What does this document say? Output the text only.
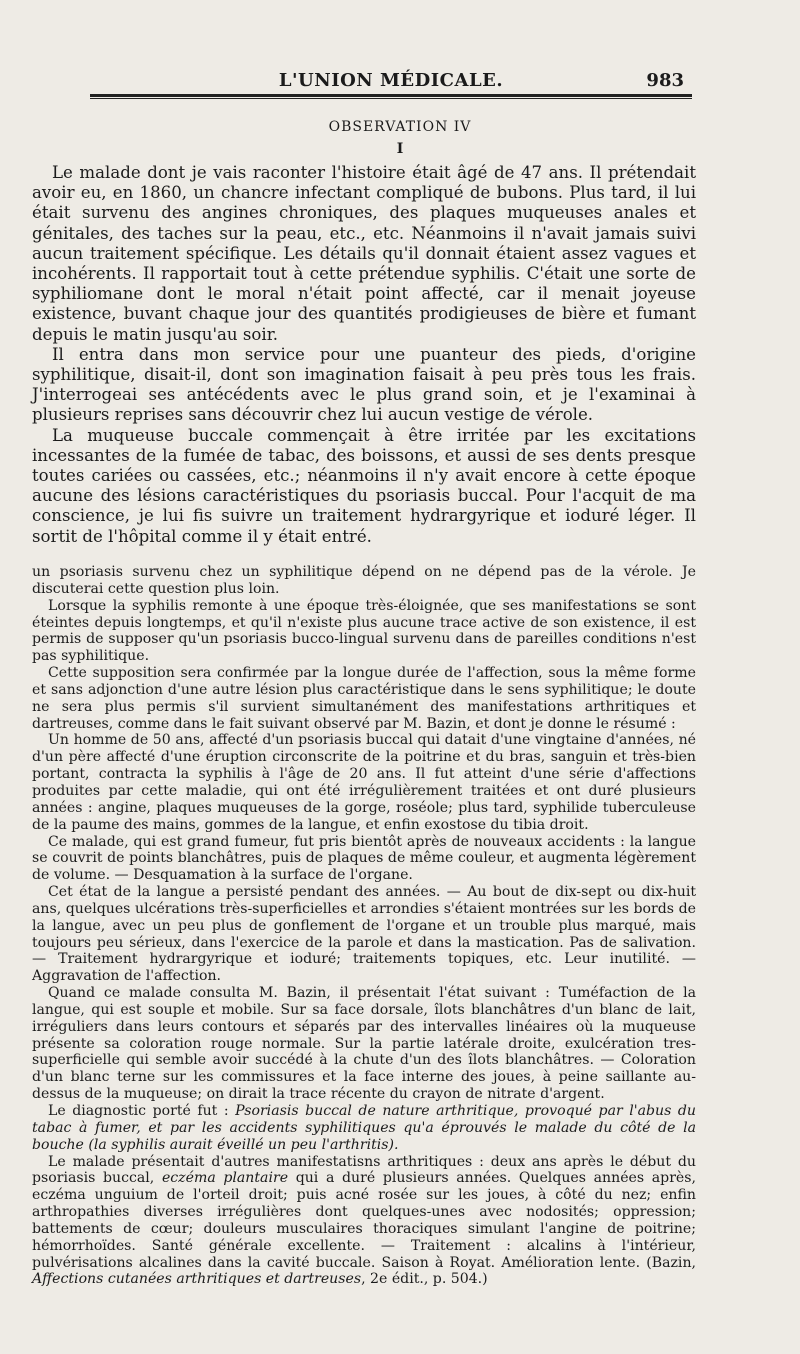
L'UNION MÉDICALE.	983
OBSERVATION IV
I

Le malade dont je vais raconter l'histoire était âgé de 47 ans. Il prétendait avoir eu, en 1860, un chancre infectant compliqué de bubons. Plus tard, il lui était survenu des angines chroniques, des plaques muqueuses anales et génitales, des taches sur la peau, etc., etc. Néanmoins il n'avait jamais suivi aucun traitement spécifique. Les détails qu'il donnait étaient assez vagues et incohérents. Il rapportait tout à cette prétendue syphilis. C'était une sorte de syphiliomane dont le moral n'était point affecté, car il menait joyeuse existence, buvant chaque jour des quantités prodigieuses de bière et fumant depuis le matin jusqu'au soir.

Il entra dans mon service pour une puanteur des pieds, d'origine syphilitique, disait-il, dont son imagination faisait à peu près tous les frais. J'interrogeai ses antécédents avec le plus grand soin, et je l'examinai à plusieurs reprises sans découvrir chez lui aucun vestige de vérole.

La muqueuse buccale commençait à être irritée par les excitations incessantes de la fumée de tabac, des boissons, et aussi de ses dents presque toutes cariées ou cassées, etc.; néanmoins il n'y avait encore à cette époque aucune des lésions caractéristiques du psoriasis buccal. Pour l'acquit de ma conscience, je lui fis suivre un traitement hydrargyrique et ioduré léger. Il sortit de l'hôpital comme il y était entré.

un psoriasis survenu chez un syphilitique dépend on ne dépend pas de la vérole. Je discuterai cette question plus loin.

Lorsque la syphilis remonte à une époque très-éloignée, que ses manifestations se sont éteintes depuis longtemps, et qu'il n'existe plus aucune trace active de son existence, il est permis de supposer qu'un psoriasis bucco-lingual survenu dans de pareilles conditions n'est pas syphilitique.

Cette supposition sera confirmée par la longue durée de l'affection, sous la même forme et sans adjonction d'une autre lésion plus caractéristique dans le sens syphilitique; le doute ne sera plus permis s'il survient simultanément des manifestations arthritiques et dartreuses, comme dans le fait suivant observé par M. Bazin, et dont je donne le résumé :

Un homme de 50 ans, affecté d'un psoriasis buccal qui datait d'une vingtaine d'années, né d'un père affecté d'une éruption circonscrite de la poitrine et du bras, sanguin et très-bien portant, contracta la syphilis à l'âge de 20 ans. Il fut atteint d'une série d'affections produites par cette maladie, qui ont été irrégulièrement traitées et ont duré plusieurs années : angine, plaques muqueuses de la gorge, roséole; plus tard, syphilide tuberculeuse de la paume des mains, gommes de la langue, et enfin exostose du tibia droit.

Ce malade, qui est grand fumeur, fut pris bientôt après de nouveaux accidents : la langue se couvrit de points blanchâtres, puis de plaques de même couleur, et augmenta légèrement de volume. — Desquamation à la surface de l'organe.

Cet état de la langue a persisté pendant des années. — Au bout de dix-sept ou dix-huit ans, quelques ulcérations très-superficielles et arrondies s'étaient montrées sur les bords de la langue, avec un peu plus de gonflement de l'organe et un trouble plus marqué, mais toujours peu sérieux, dans l'exercice de la parole et dans la mastication. Pas de salivation. — Traitement hydrargyrique et ioduré; traitements topiques, etc. Leur inutilité. — Aggravation de l'affection.

Quand ce malade consulta M. Bazin, il présentait l'état suivant : Tuméfaction de la langue, qui est souple et mobile. Sur sa face dorsale, îlots blanchâtres d'un blanc de lait, irréguliers dans leurs contours et séparés par des intervalles linéaires où la muqueuse présente sa coloration rouge normale. Sur la partie latérale droite, exulcération tres-superficielle qui semble avoir succédé à la chute d'un des îlots blanchâtres. — Coloration d'un blanc terne sur les commissures et la face interne des joues, à peine saillante au-dessus de la muqueuse; on dirait la trace récente du crayon de nitrate d'argent.

Le diagnostic porté fut : Psoriasis buccal de nature arthritique, provoqué par l'abus du tabac à fumer, et par les accidents syphilitiques qu'a éprouvés le malade du côté de la bouche (la syphilis aurait éveillé un peu l'arthritis).

Le malade présentait d'autres manifestatisns arthritiques : deux ans après le début du psoriasis buccal, eczéma plantaire qui a duré plusieurs années. Quelques années après, eczéma unguium de l'orteil droit; puis acné rosée sur les joues, à côté du nez; enfin arthropathies diverses irrégulières dont quelques-unes avec nodosités; oppression; battements de cœur; douleurs musculaires thoraciques simulant l'angine de poitrine; hémorrhoïdes. Santé générale excellente. — Traitement : alcalins à l'intérieur, pulvérisations alcalines dans la cavité buccale. Saison à Royat. Amélioration lente. (Bazin, Affections cutanées arthritiques et dartreuses, 2e édit., p. 504.)
